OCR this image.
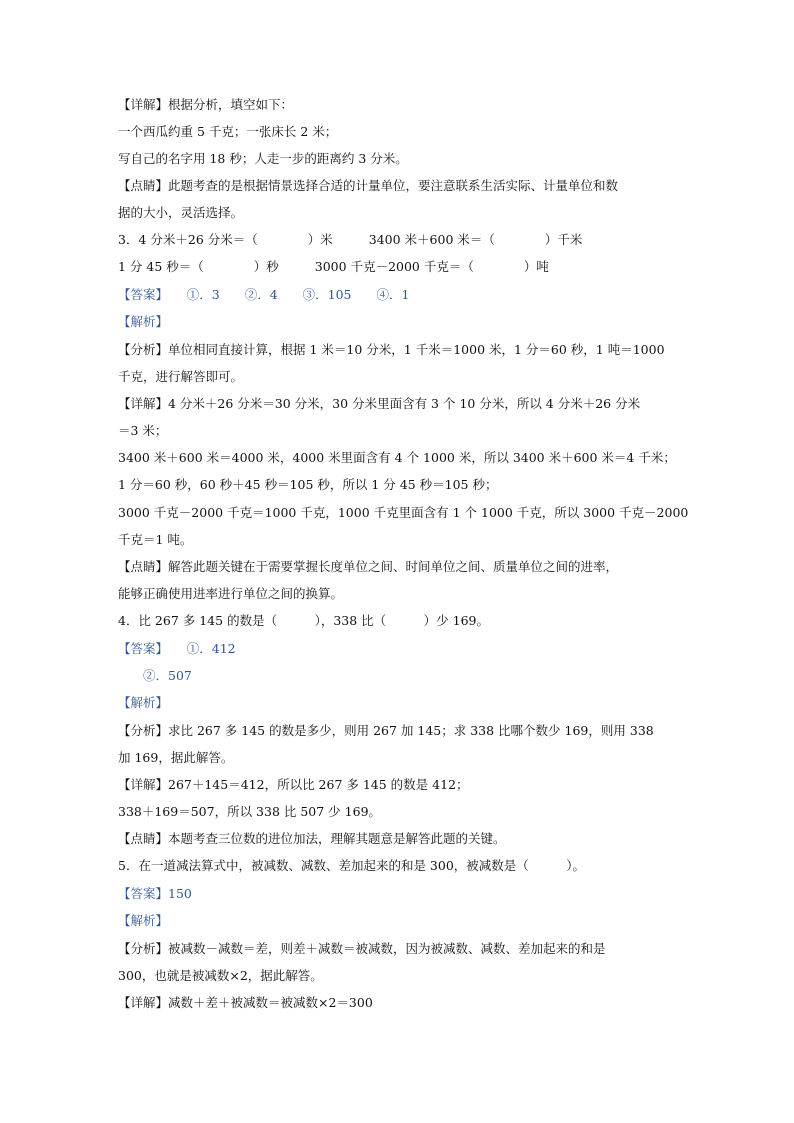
【详解】根据分析，填空如下：
一个西瓜约重 5 千克；一张床长 2 米；
写自己的名字用 18 秒；人走一步的距离约 3 分米。
【点睛】此题考查的是根据情景选择合适的计量单位，要注意联系生活实际、计量单位和数
据的大小，灵活选择。
3．4 分米＋26 分米＝（　　　　）米	3400 米＋600 米＝（　　　　）千米
1 分 45 秒＝（　　　　）秒	3000 千克－2000 千克＝（　　　　）吨
【答案】　　①．3　　②．4　　③．105　　④．1
【解析】
【分析】单位相同直接计算，根据 1 米＝10 分米，1 千米＝1000 米，1 分＝60 秒，1 吨＝1000
千克，进行解答即可。
【详解】4 分米＋26 分米＝30 分米，30 分米里面含有 3 个 10 分米，所以 4 分米＋26 分米
＝3 米；
3400 米＋600 米＝4000 米，4000 米里面含有 4 个 1000 米，所以 3400 米＋600 米＝4 千米；
1 分＝60 秒，60 秒＋45 秒＝105 秒，所以 1 分 45 秒＝105 秒；
3000 千克－2000 千克＝1000 千克，1000 千克里面含有 1 个 1000 千克，所以 3000 千克－2000
千克＝1 吨。
【点睛】解答此题关键在于需要掌握长度单位之间、时间单位之间、质量单位之间的进率，
能够正确使用进率进行单位之间的换算。
4．比 267 多 145 的数是（　　　），338 比（　　　）少 169。
【答案】　　①．412
　　②．507
【解析】
【分析】求比 267 多 145 的数是多少，则用 267 加 145；求 338 比哪个数少 169，则用 338
加 169，据此解答。
【详解】267＋145＝412，所以比 267 多 145 的数是 412；
338＋169＝507，所以 338 比 507 少 169。
【点睛】本题考查三位数的进位加法，理解其题意是解答此题的关键。
5．在一道减法算式中，被减数、减数、差加起来的和是 300，被减数是（　　　）。
【答案】150
【解析】
【分析】被减数－减数＝差，则差＋减数＝被减数，因为被减数、减数、差加起来的和是
300，也就是被减数×2，据此解答。
【详解】减数＋差＋被减数＝被减数×2＝300
